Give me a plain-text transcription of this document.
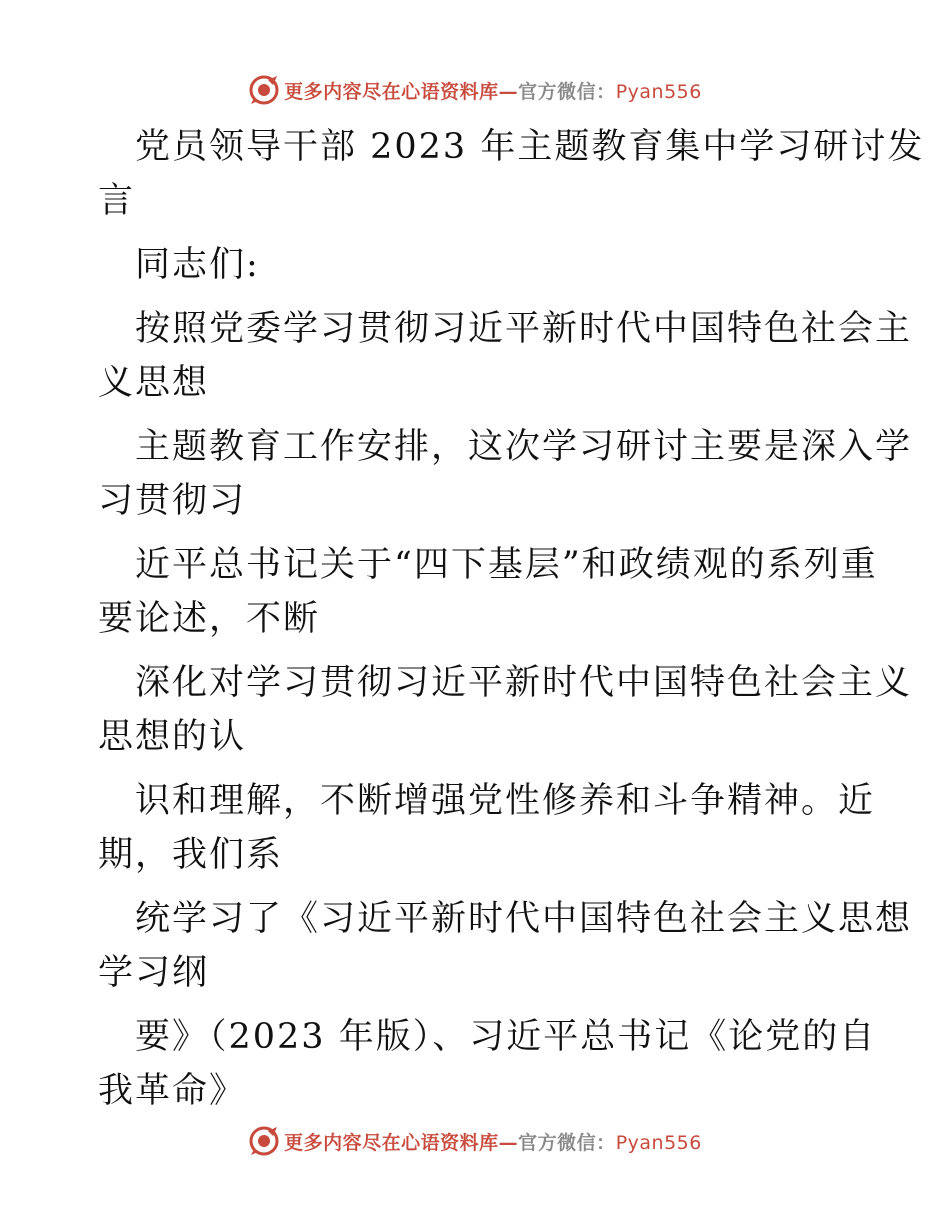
更多内容尽在心语资料库—官方微信：Pyan556
党员领导干部 2023 年主题教育集中学习研讨发
言
同志们:
按照党委学习贯彻习近平新时代中国特色社会主
义思想
主题教育工作安排，这次学习研讨主要是深入学
习贯彻习
近平总书记关于“四下基层”和政绩观的系列重
要论述，不断
深化对学习贯彻习近平新时代中国特色社会主义
思想的认
识和理解，不断增强党性修养和斗争精神。近
期，我们系
统学习了《习近平新时代中国特色社会主义思想
学习纲
要》（2023 年版）、习近平总书记《论党的自
我革命》
更多内容尽在心语资料库—官方微信：Pyan556
